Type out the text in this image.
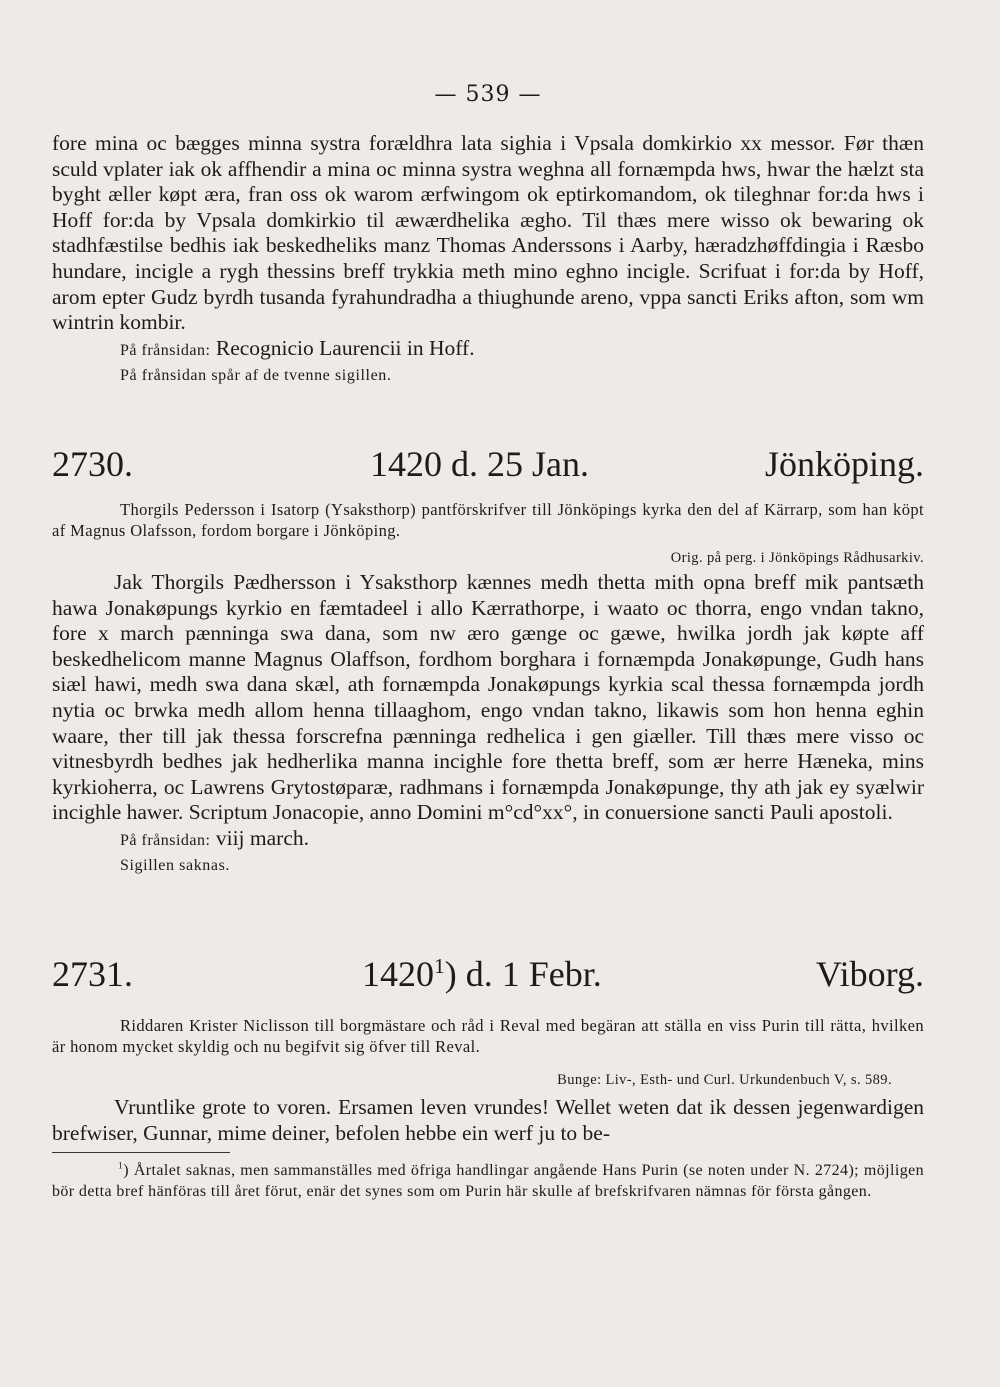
— 539 —

fore mina oc bægges minna systra forældhra lata sighia i Vpsala domkirkio xx messor. Før thæn sculd vplater iak ok affhendir a mina oc minna systra weghna all fornæmpda hws, hwar the hælzt sta byght æller køpt æra, fran oss ok warom ærfwingom ok eptirkomandom, ok tileghnar for:da hws i Hoff for:da by Vpsala domkirkio til æwærdhelika ægho. Til thæs mere wisso ok bewaring ok stadhfæstilse bedhis iak beskedheliks manz Thomas Anderssons i Aarby, hæradzhøffdingia i Ræsbo hundare, incigle a rygh thessins breff trykkia meth mino eghno incigle. Scrifuat i for:da by Hoff, arom epter Gudz byrdh tusanda fyrahundradha a thiughunde areno, vppa sancti Eriks afton, som wm wintrin kombir.

På frånsidan: Recognicio Laurencii in Hoff.

På frånsidan spår af de tvenne sigillen.

2730.	1420 d. 25 Jan.	Jönköping.

Thorgils Pedersson i Isatorp (Ysaksthorp) pantförskrifver till Jönköpings kyrka den del af Kärrarp, som han köpt af Magnus Olafsson, fordom borgare i Jönköping.

Orig. på perg. i Jönköpings Rådhusarkiv.

Jak Thorgils Pædhersson i Ysaksthorp kænnes medh thetta mith opna breff mik pantsæth hawa Jonakøpungs kyrkio en fæmtadeel i allo Kærrathorpe, i waato oc thorra, engo vndan takno, fore x march pænninga swa dana, som nw æro gænge oc gæwe, hwilka jordh jak køpte aff beskedhelicom manne Magnus Olaffson, fordhom borghara i fornæmpda Jonakøpunge, Gudh hans siæl hawi, medh swa dana skæl, ath fornæmpda Jonakøpungs kyrkia scal thessa fornæmpda jordh nytia oc brwka medh allom henna tillaaghom, engo vndan takno, likawis som hon henna eghin waare, ther till jak thessa forscrefna pænninga redhelica i gen giæller. Till thæs mere visso oc vitnesbyrdh bedhes jak hedherlika manna incighle fore thetta breff, som ær herre Hæneka, mins kyrkioherra, oc Lawrens Grytostøparæ, radhmans i fornæmpda Jonakøpunge, thy ath jak ey syælwir incighle hawer. Scriptum Jonacopie, anno Domini m°cd°xx°, in conuersione sancti Pauli apostoli.

På frånsidan: viij march.

Sigillen saknas.

2731.	1420$^1$) d. 1 Febr.	Viborg.

Riddaren Krister Niclisson till borgmästare och råd i Reval med begäran att ställa en viss Purin till rätta, hvilken är honom mycket skyldig och nu begifvit sig öfver till Reval.

Bunge: Liv-, Esth- und Curl. Urkundenbuch V, s. 589.

Vruntlike grote to voren. Ersamen leven vrundes! Wellet weten dat ik dessen jegenwardigen brefwiser, Gunnar, mime deiner, befolen hebbe ein werf ju to be-

$^1$) Årtalet saknas, men sammanställes med öfriga handlingar angående Hans Purin (se noten under N. 2724); möjligen bör detta bref hänföras till året förut, enär det synes som om Purin här skulle af brefskrifvaren nämnas för första gången.
